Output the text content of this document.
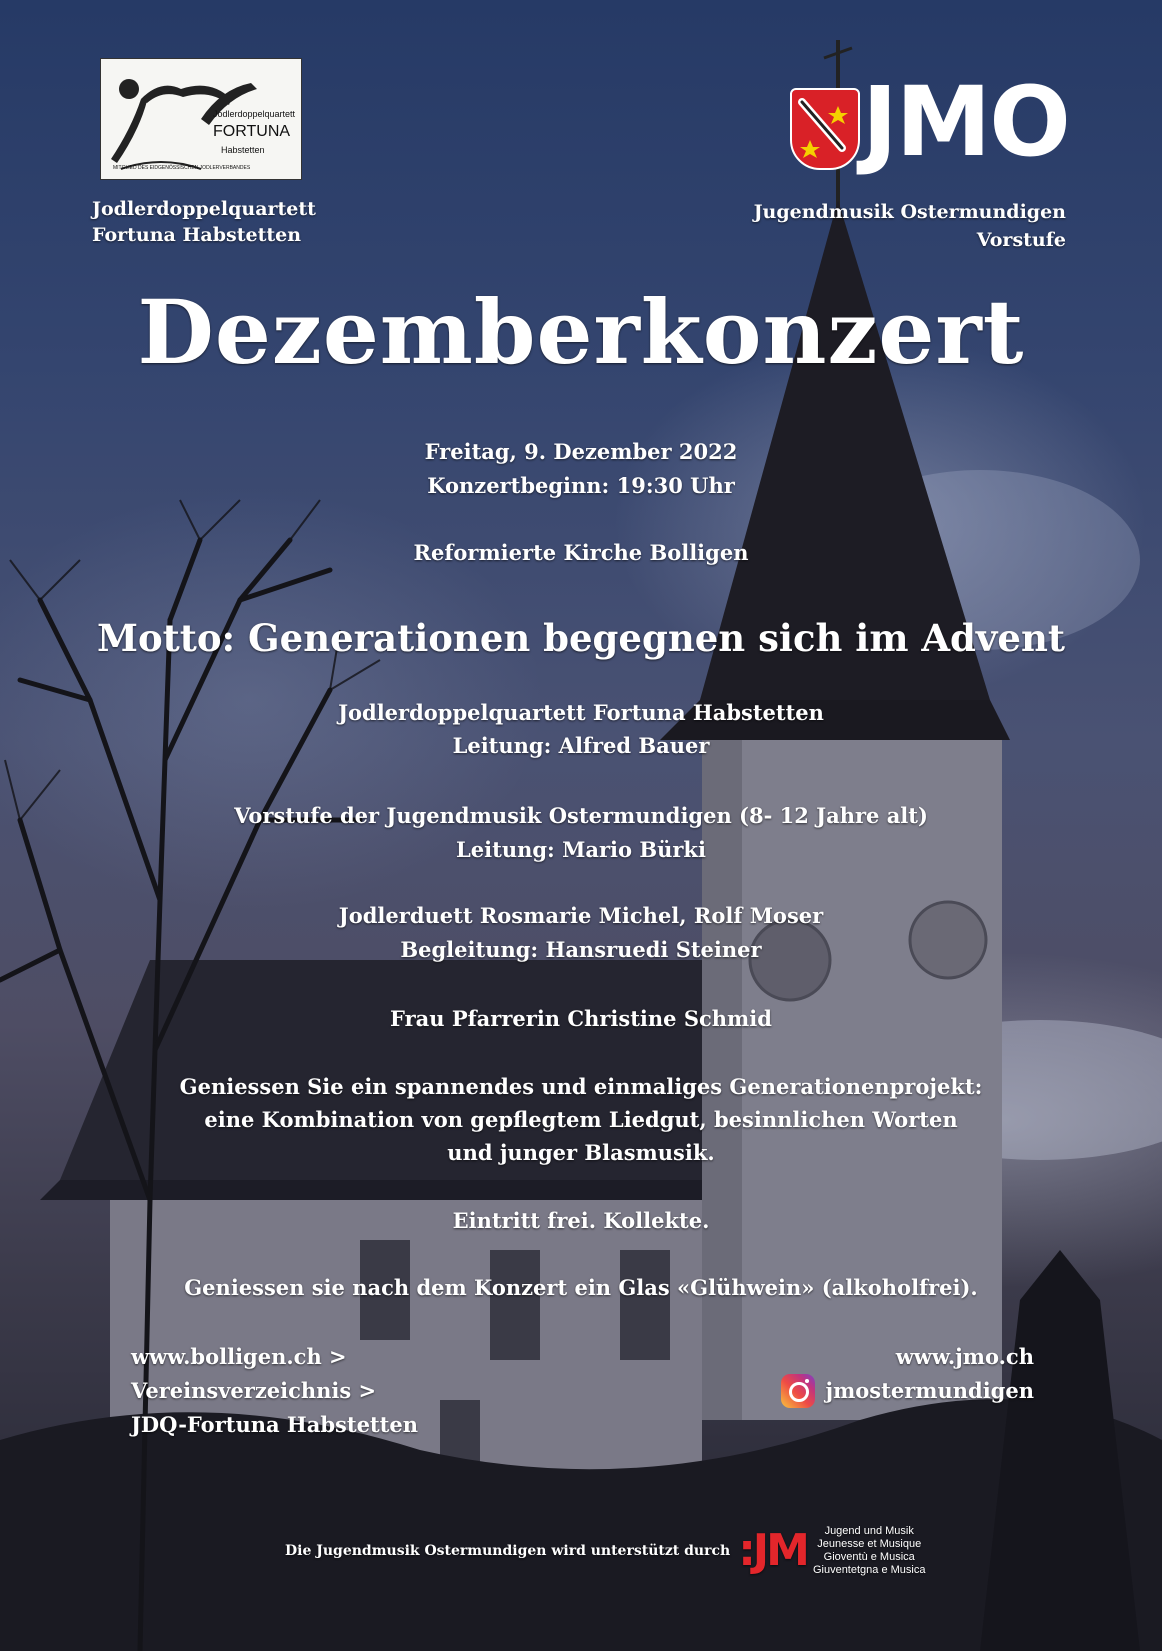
Jodlerdoppelquartett
FORTUNA
Habstetten
MITGLIED DES EIDGENÖSSISCHEN JODLERVERBANDES
Jodlerdoppelquartett
Fortuna Habstetten
JMO
Jugendmusik Ostermundigen
Vorstufe
Dezemberkonzert
Freitag, 9. Dezember 2022
Konzertbeginn: 19:30 Uhr
Reformierte Kirche Bolligen
Motto: Generationen begegnen sich im Advent
Jodlerdoppelquartett Fortuna Habstetten
Leitung: Alfred Bauer
Vorstufe der Jugendmusik Ostermundigen (8- 12 Jahre alt)
Leitung: Mario Bürki
Jodlerduett Rosmarie Michel, Rolf Moser
Begleitung: Hansruedi Steiner
Frau Pfarrerin Christine Schmid
Geniessen Sie ein spannendes und einmaliges Generationenprojekt:
eine Kombination von gepflegtem Liedgut, besinnlichen Worten
und junger Blasmusik.
Eintritt frei. Kollekte.
Geniessen sie nach dem Konzert ein Glas «Glühwein» (alkoholfrei).
www.bolligen.ch >
Vereinsverzeichnis >
JDQ-Fortuna Habstetten
www.jmo.ch
jmostermundigen
Die Jugendmusik Ostermundigen wird unterstützt durch :JM	Jugend und Musik
Jeunesse et Musique
Gioventù e Musica
Giuventetgna e Musica
